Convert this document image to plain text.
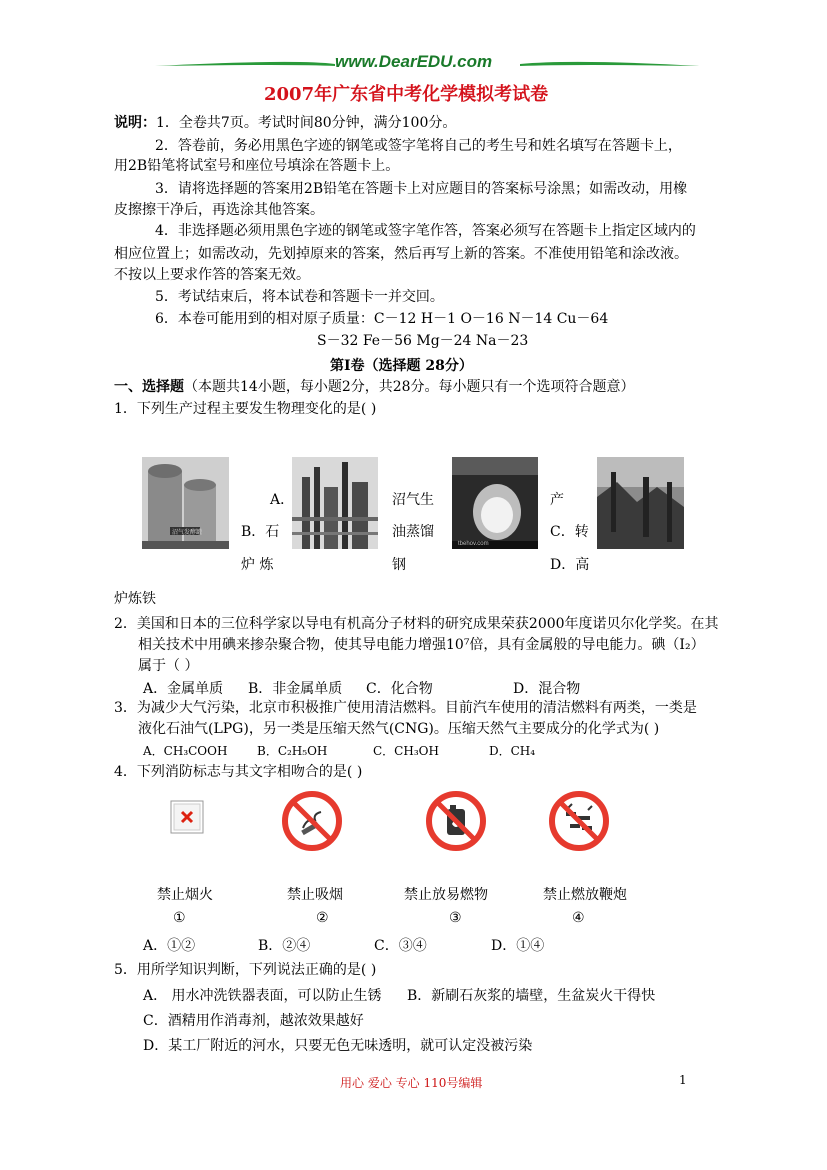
www.DearEDU.com
2007年广东省中考化学模拟考试卷
说明：1．全卷共7页。考试时间80分钟，满分100分。
2．答卷前，务必用黑色字迹的钢笔或签字笔将自己的考生号和姓名填写在答题卡上，
用2B铅笔将试室号和座位号填涂在答题卡上。
3．请将选择题的答案用2B铅笔在答题卡上对应题目的答案标号涂黑；如需改动，用橡
皮擦擦干净后，再选涂其他答案。
4．非选择题必须用黑色字迹的钢笔或签字笔作答，答案必须写在答题卡上指定区域内的
相应位置上；如需改动，先划掉原来的答案，然后再写上新的答案。不准使用铅笔和涂改液。
不按以上要求作答的答案无效。
5．考试结束后，将本试卷和答题卡一并交回。
6．本卷可能用到的相对原子质量：C－12 H－1 O－16 N－14 Cu－64
S－32 Fe－56 Mg－24 Na－23
第Ⅰ卷（选择题 28分）
一、选择题（本题共14小题，每小题2分，共28分。每小题只有一个选项符合题意）
1．下列生产过程主要发生物理变化的是( )
沼气发酵罐
tbehov.com
A．
B．石
炉 炼
沼气生
油蒸馏
钢
产
C．转
D．高
炉炼铁
2．美国和日本的三位科学家以导电有机高分子材料的研究成果荣获2000年度诺贝尔化学奖。在其
相关技术中用碘来掺杂聚合物，使其导电能力增强10⁷倍，具有金属般的导电能力。碘（I₂）
属于（ ）
A．金属单质 B．非金属单质 C．化合物	D．混合物
3．为减少大气污染，北京市积极推广使用清洁燃料。目前汽车使用的清洁燃料有两类，一类是
液化石油气(LPG)，另一类是压缩天然气(CNG)。压缩天然气主要成分的化学式为( )
A．CH₃COOH B．C₂H₅OH	C．CH₃OH	D．CH₄
4．下列消防标志与其文字相吻合的是( )
禁止烟火	禁止吸烟	禁止放易燃物	禁止燃放鞭炮
①	②	③	④
A．①②	B．②④	C．③④	D．①④
5．用所学知识判断，下列说法正确的是( )
A． 用水冲洗铁器表面，可以防止生锈 B．新刷石灰浆的墙壁，生盆炭火干得快
C．酒精用作消毒剂，越浓效果越好
D．某工厂附近的河水，只要无色无味透明，就可认定没被污染
用心 爱心 专心 110号编辑	1
